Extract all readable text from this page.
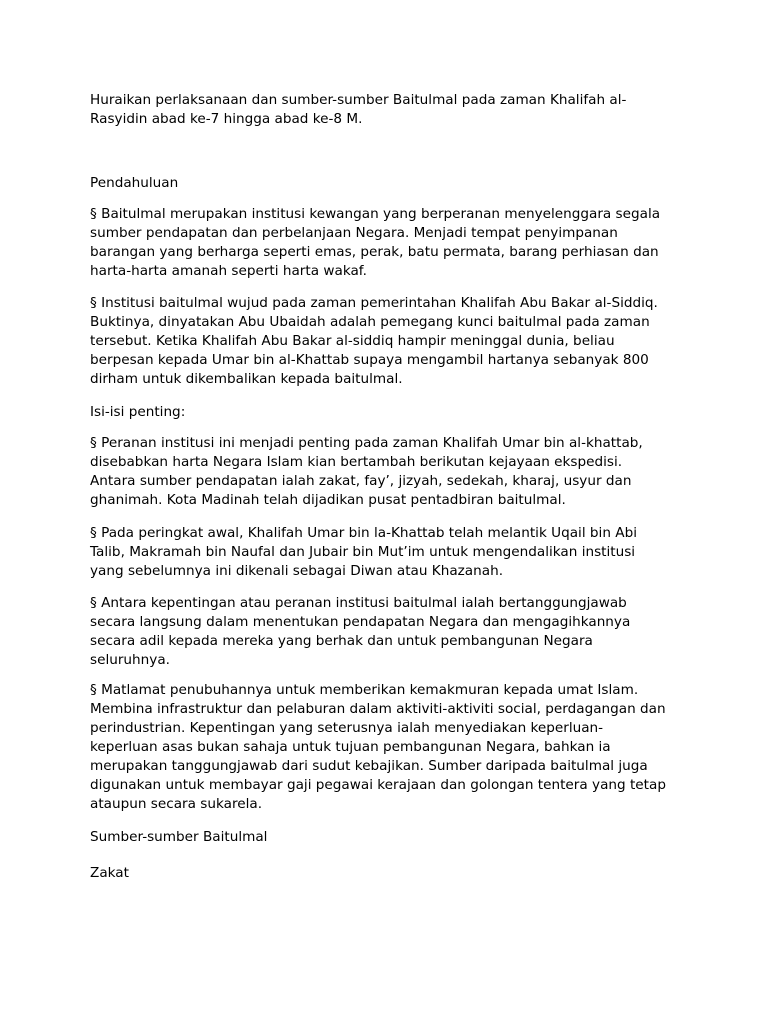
Huraikan perlaksanaan dan sumber-sumber Baitulmal pada zaman Khalifah al-
Rasyidin abad ke-7 hingga abad ke-8 M.

Pendahuluan

§ Baitulmal merupakan institusi kewangan yang berperanan menyelenggara segala
sumber pendapatan dan perbelanjaan Negara. Menjadi tempat penyimpanan
barangan yang berharga seperti emas, perak, batu permata, barang perhiasan dan
harta-harta amanah seperti harta wakaf.

§ Institusi baitulmal wujud pada zaman pemerintahan Khalifah Abu Bakar al-Siddiq.
Buktinya, dinyatakan Abu Ubaidah adalah pemegang kunci baitulmal pada zaman
tersebut. Ketika Khalifah Abu Bakar al-siddiq hampir meninggal dunia, beliau
berpesan kepada Umar bin al-Khattab supaya mengambil hartanya sebanyak 800
dirham untuk dikembalikan kepada baitulmal.

Isi-isi penting:

§ Peranan institusi ini menjadi penting pada zaman Khalifah Umar bin al-khattab,
disebabkan harta Negara Islam kian bertambah berikutan kejayaan ekspedisi.
Antara sumber pendapatan ialah zakat, fay’, jizyah, sedekah, kharaj, usyur dan
ghanimah. Kota Madinah telah dijadikan pusat pentadbiran baitulmal.

§ Pada peringkat awal, Khalifah Umar bin la-Khattab telah melantik Uqail bin Abi
Talib, Makramah bin Naufal dan Jubair bin Mut’im untuk mengendalikan institusi
yang sebelumnya ini dikenali sebagai Diwan atau Khazanah.

§ Antara kepentingan atau peranan institusi baitulmal ialah bertanggungjawab
secara langsung dalam menentukan pendapatan Negara dan mengagihkannya
secara adil kepada mereka yang berhak dan untuk pembangunan Negara
seluruhnya.

§ Matlamat penubuhannya untuk memberikan kemakmuran kepada umat Islam.
Membina infrastruktur dan pelaburan dalam aktiviti-aktiviti social, perdagangan dan
perindustrian. Kepentingan yang seterusnya ialah menyediakan keperluan-
keperluan asas bukan sahaja untuk tujuan pembangunan Negara, bahkan ia
merupakan tanggungjawab dari sudut kebajikan. Sumber daripada baitulmal juga
digunakan untuk membayar gaji pegawai kerajaan dan golongan tentera yang tetap
ataupun secara sukarela.

Sumber-sumber Baitulmal

Zakat
